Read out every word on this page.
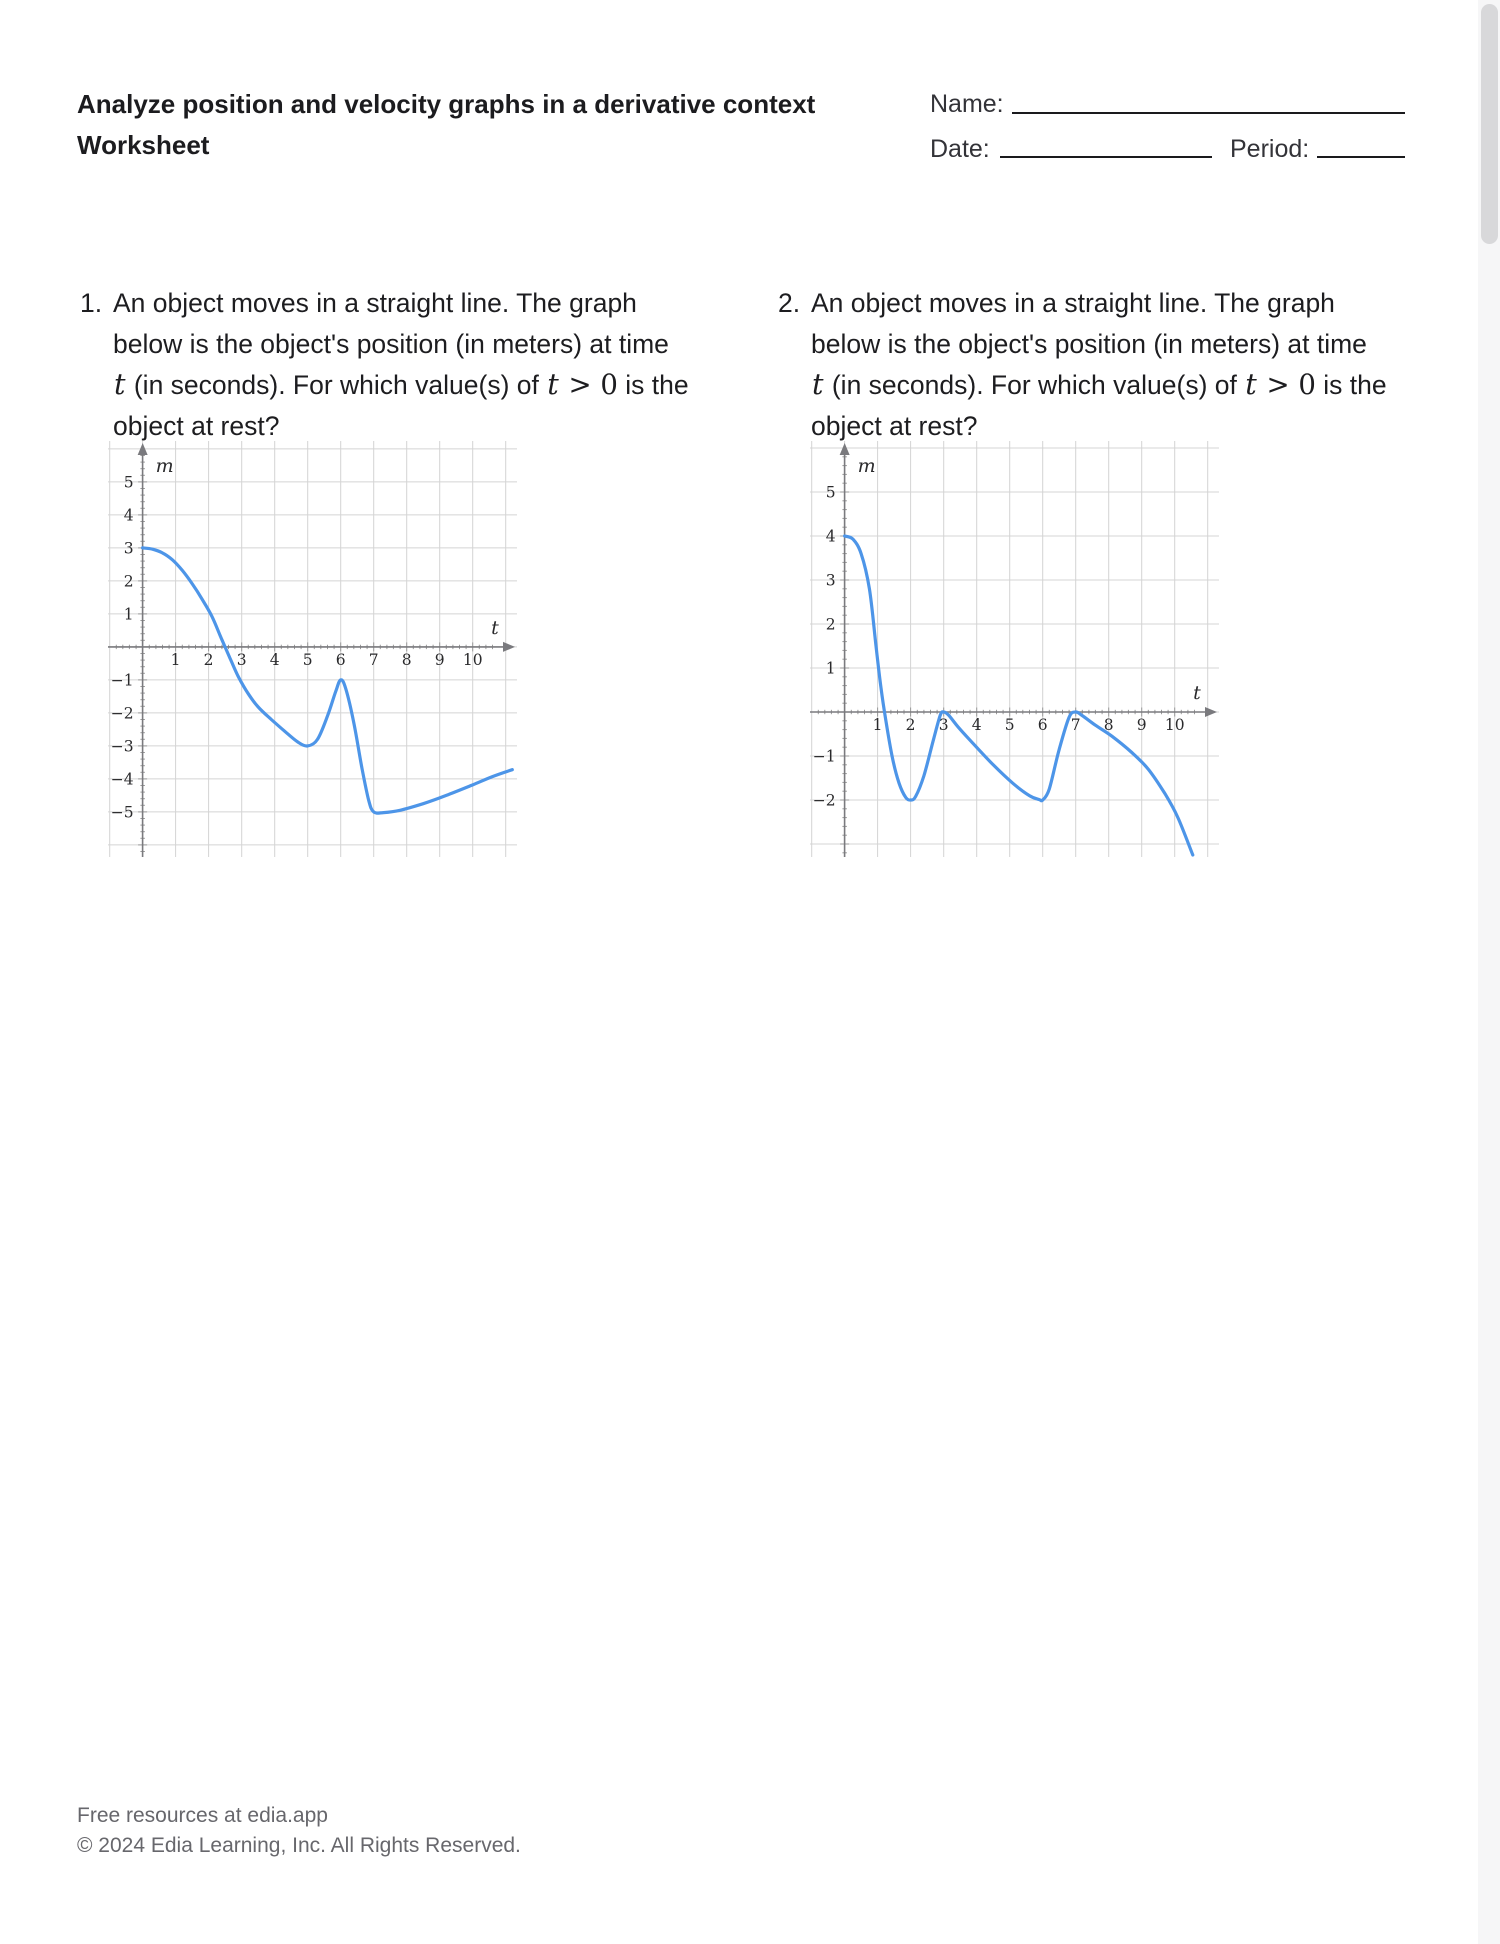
Analyze position and velocity graphs in a derivative context
Worksheet
Name:
Date:	Period:
1. An object moves in a straight line. The graph
below is the object's position (in meters) at time
t (in seconds). For which value(s) of t > 0 is the
object at rest?
2. An object moves in a straight line. The graph
below is the object's position (in meters) at time
t (in seconds). For which value(s) of t > 0 is the
object at rest?
1 2 3 4 5 6 7 8 9 10
−5
−4
−3
−2
−1
1
2
3
4
5
m
t
1 2 3 4 5 6 7 8 9 10
−2
−1
1
2
3
4
5
m
t
Free resources at edia.app
© 2024 Edia Learning, Inc. All Rights Reserved.
